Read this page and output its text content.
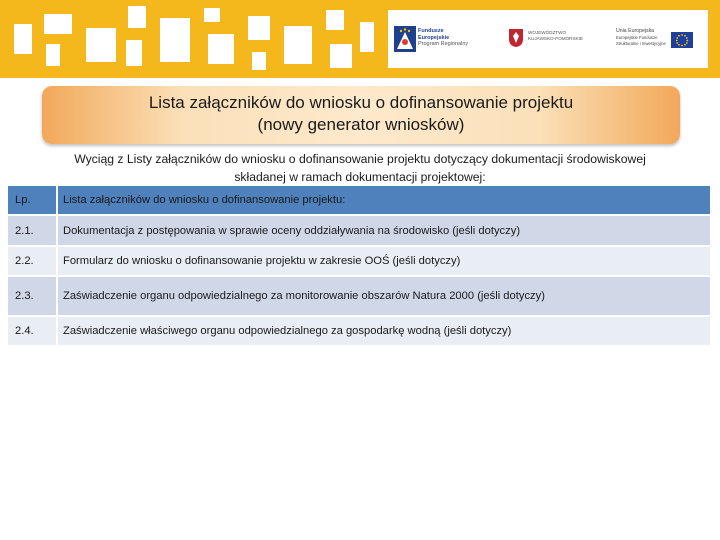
Fundusze
Europejskie
Program Regionalny
WOJEWÓDZTWO
KUJAWSKO-POMORSKIE
Unia Europejska
Europejskie Fundusze
Strukturalne i Inwestycyjne
Lista załączników do wniosku o dofinansowanie projektu
(nowy generator wniosków)
Wyciąg z Listy załączników do wniosku o dofinansowanie projektu dotyczący dokumentacji środowiskowej
składanej w ramach dokumentacji projektowej:
Lp.	Lista załączników do wniosku o dofinansowanie projektu:
2.1.	Dokumentacja z postępowania w sprawie oceny oddziaływania na środowisko (jeśli dotyczy)
2.2.	Formularz do wniosku o dofinansowanie projektu w zakresie OOŚ (jeśli dotyczy)
2.3.	Zaświadczenie organu odpowiedzialnego za monitorowanie obszarów Natura 2000 (jeśli dotyczy)
2.4.	Zaświadczenie właściwego organu odpowiedzialnego za gospodarkę wodną (jeśli dotyczy)
